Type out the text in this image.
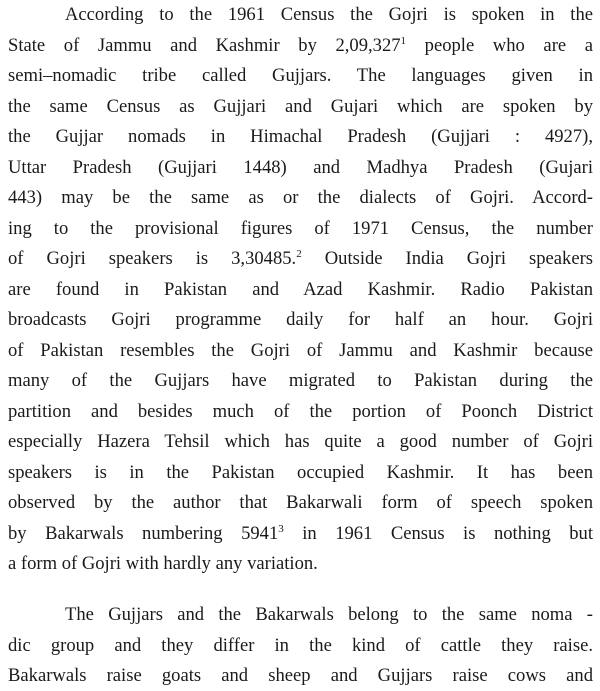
According to the 1961 Census the Gojri is spoken in the
State of Jammu and Kashmir by 2,09,327$^1$ people who are a
semi–nomadic tribe called Gujjars. The languages given in
the same Census as Gujjari and Gujari which are spoken by
the Gujjar nomads in Himachal Pradesh (Gujjari : 4927),
Uttar Pradesh (Gujjari 1448) and Madhya Pradesh (Gujari
443) may be the same as or the dialects of Gojri. Accord-
ing to the provisional figures of 1971 Census, the number
of Gojri speakers is 3,30485.$^2$ Outside India Gojri speakers
are found in Pakistan and Azad Kashmir. Radio Pakistan
broadcasts Gojri programme daily for half an hour. Gojri
of Pakistan resembles the Gojri of Jammu and Kashmir because
many of the Gujjars have migrated to Pakistan during the
partition and besides much of the portion of Poonch District
especially Hazera Tehsil which has quite a good number of Gojri
speakers is in the Pakistan occupied Kashmir. It has been
observed by the author that Bakarwali form of speech spoken
by Bakarwals numbering 5941$^3$ in 1961 Census is nothing but
a form of Gojri with hardly any variation.
The Gujjars and the Bakarwals belong to the same noma -
dic group and they differ in the kind of cattle they raise.
Bakarwals raise goats and sheep and Gujjars raise cows and
